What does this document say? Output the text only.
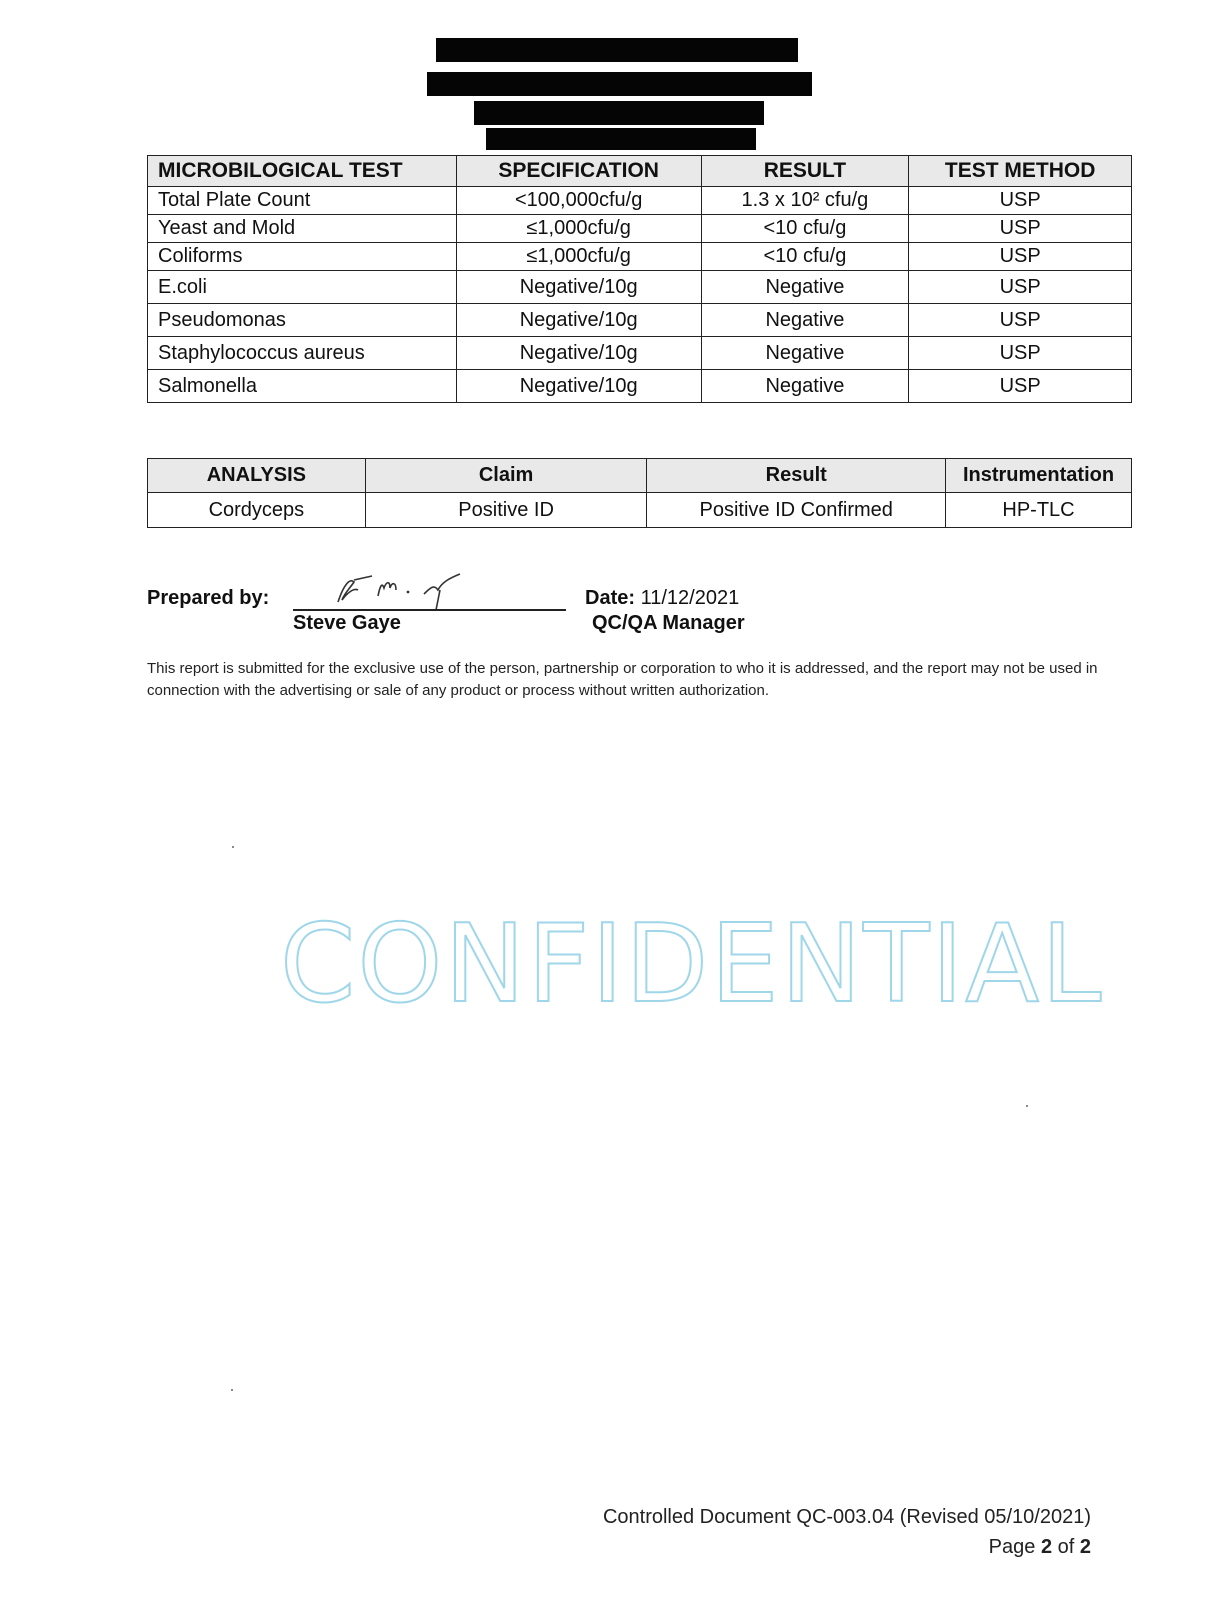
MICROBILOGICAL TEST	SPECIFICATION	RESULT	TEST METHOD
Total Plate Count	<100,000cfu/g	1.3 x 10² cfu/g	USP
Yeast and Mold	≤1,000cfu/g	<10 cfu/g	USP
Coliforms	≤1,000cfu/g	<10 cfu/g	USP
E.coli	Negative/10g	Negative	USP
Pseudomonas	Negative/10g	Negative	USP
Staphylococcus aureus	Negative/10g	Negative	USP
Salmonella	Negative/10g	Negative	USP
ANALYSIS	Claim	Result	Instrumentation
Cordyceps	Positive ID	Positive ID Confirmed	HP-TLC
Prepared by:
Steve Gaye
Date: 11/12/2021
QC/QA Manager
This report is submitted for the exclusive use of the person, partnership or corporation to who it is addressed, and the report may not be used in connection with the advertising or sale of any product or process without written authorization.
CONFIDENTIAL
Controlled Document QC-003.04 (Revised 05/10/2021)
Page 2 of 2
